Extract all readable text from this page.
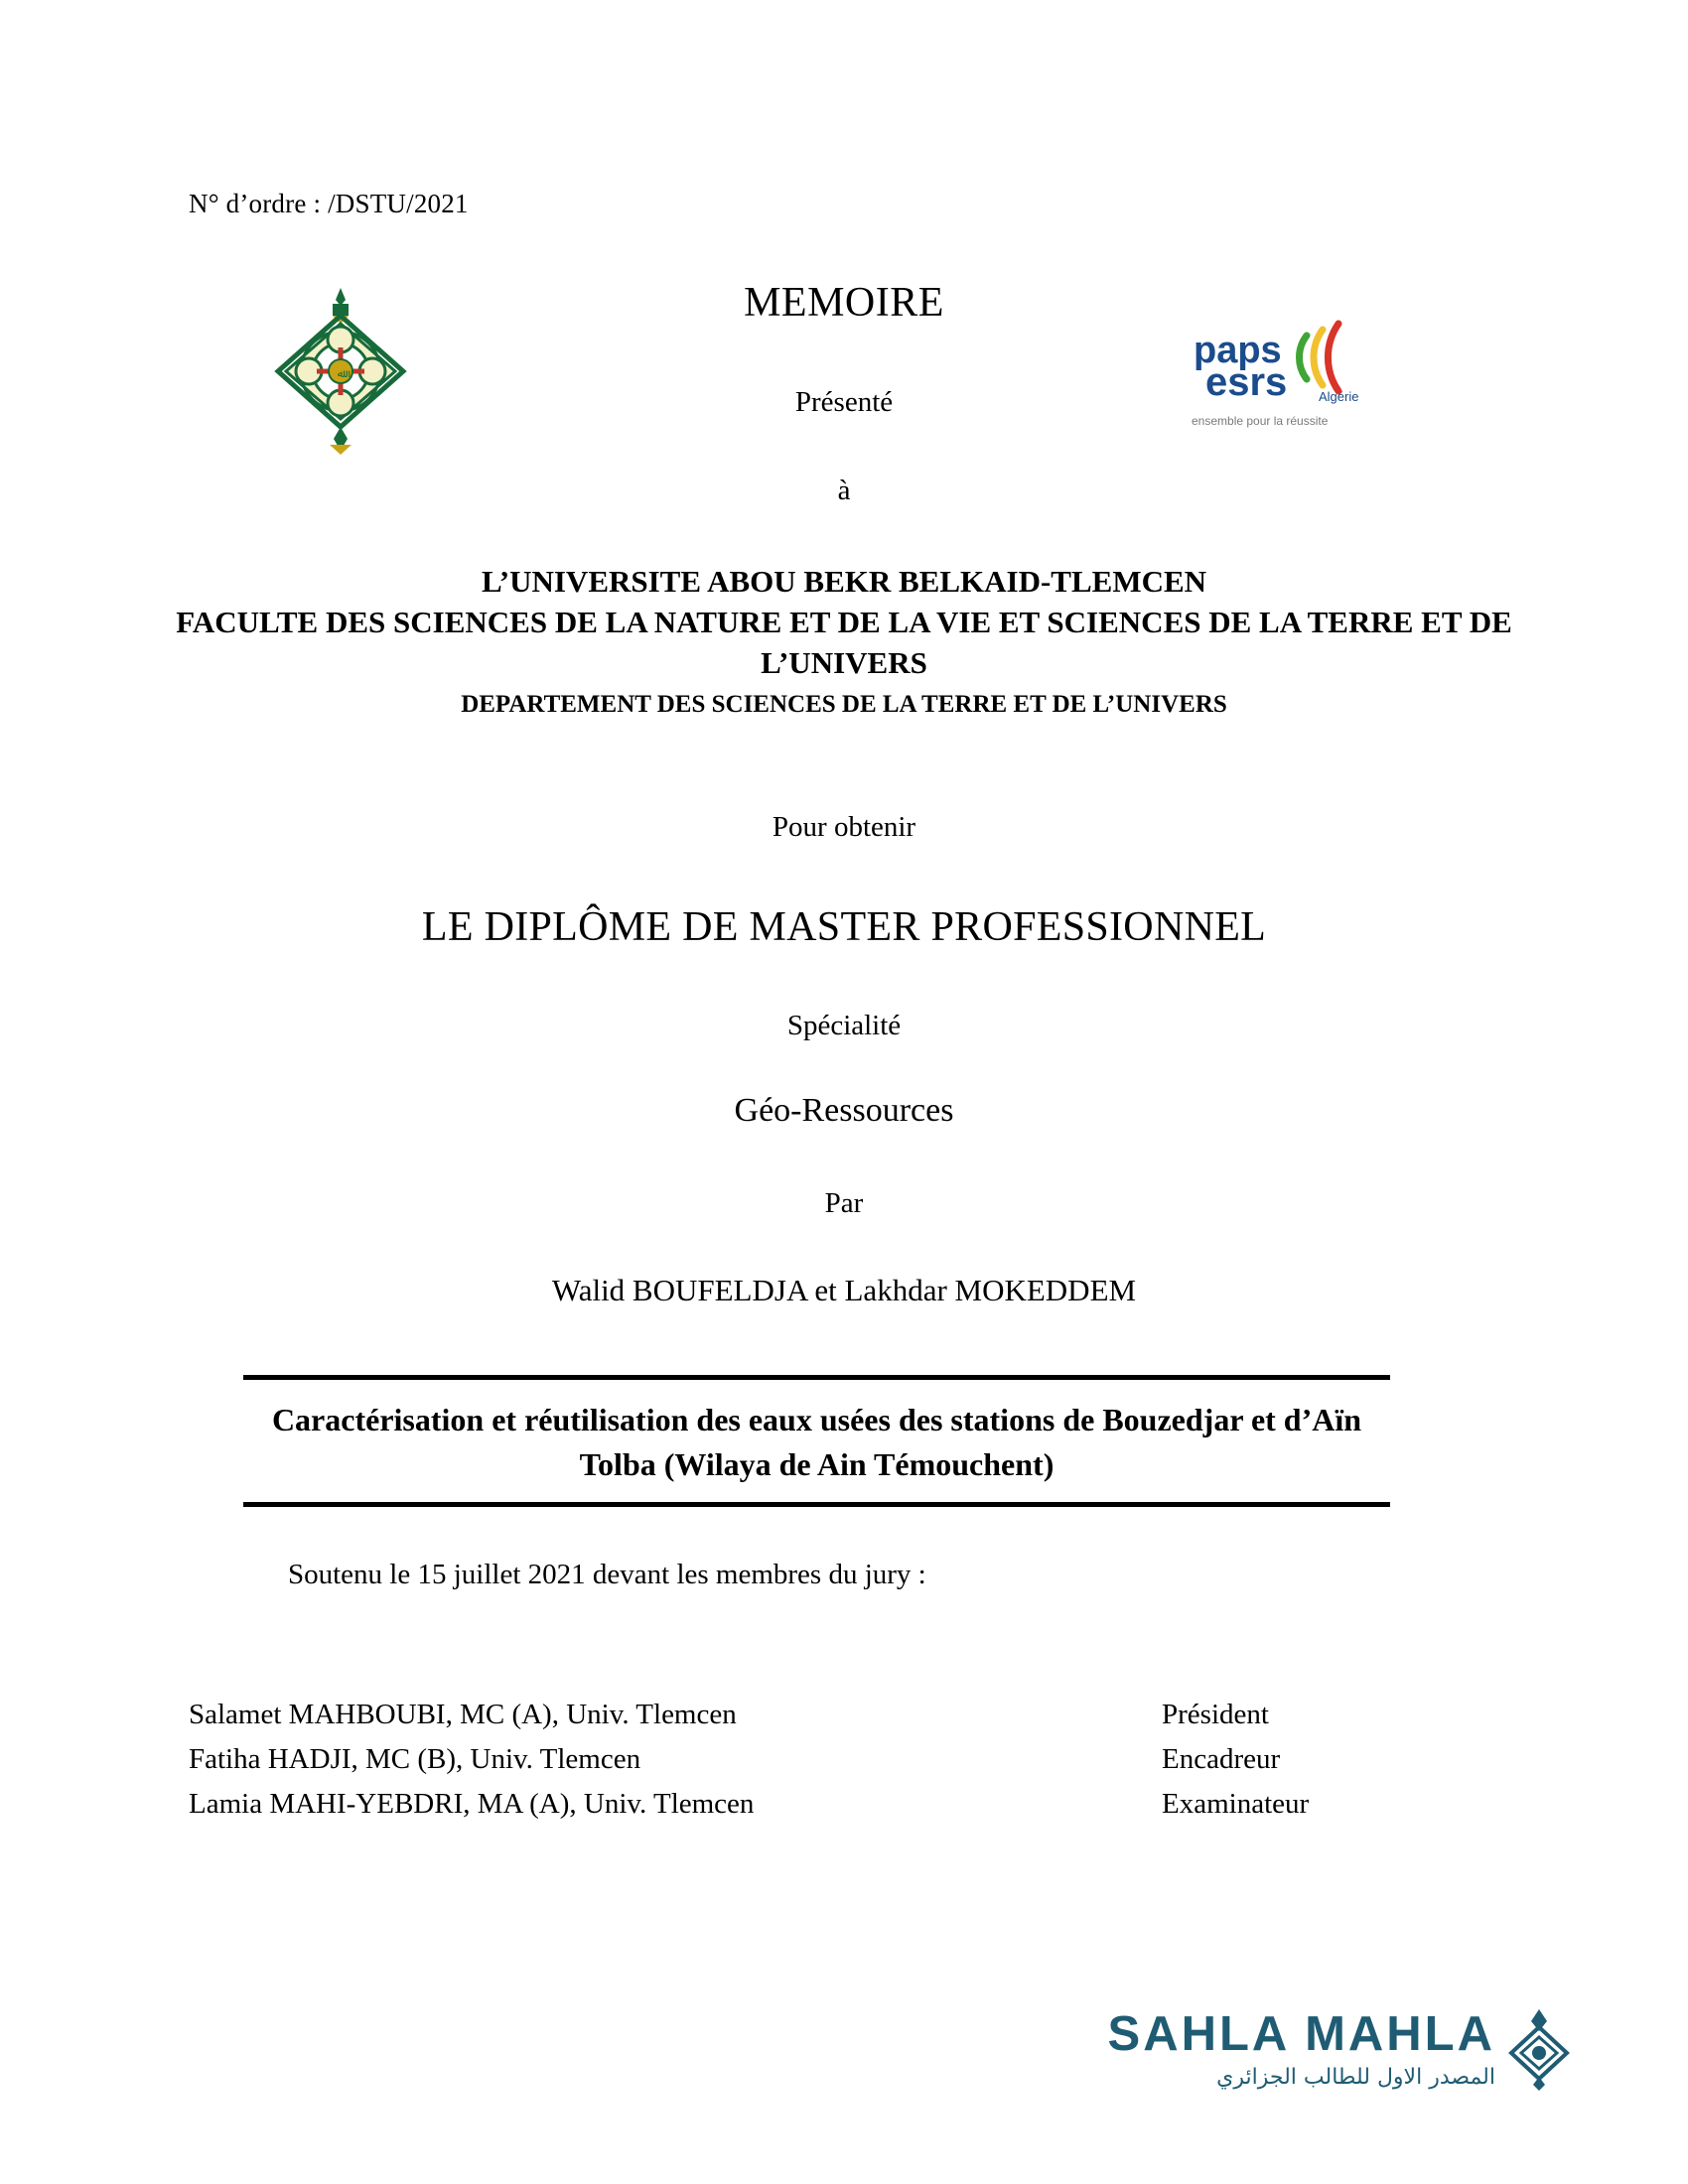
N° d’ordre : /DSTU/2021
ﷲ
paps
esrs Algérie
ensemble pour la réussite
MEMOIRE
Présenté
à
L’UNIVERSITE ABOU BEKR BELKAID-TLEMCEN
FACULTE DES SCIENCES DE LA NATURE ET DE LA VIE ET SCIENCES DE LA TERRE ET DE L’UNIVERS
DEPARTEMENT DES SCIENCES DE LA TERRE ET DE L’UNIVERS
Pour obtenir
LE DIPLÔME DE MASTER PROFESSIONNEL
Spécialité
Géo-Ressources
Par
Walid BOUFELDJA et Lakhdar MOKEDDEM
Caractérisation et réutilisation des eaux usées des stations de Bouzedjar et d’Aïn Tolba (Wilaya de Ain Témouchent)
Soutenu le 15 juillet 2021 devant les membres du jury :
Salamet MAHBOUBI, MC (A), Univ. Tlemcen	Président
Fatiha HADJI, MC (B), Univ. Tlemcen	Encadreur
Lamia MAHI-YEBDRI, MA (A), Univ. Tlemcen	Examinateur
SAHLA MAHLA
المصدر الاول للطالب الجزائري
